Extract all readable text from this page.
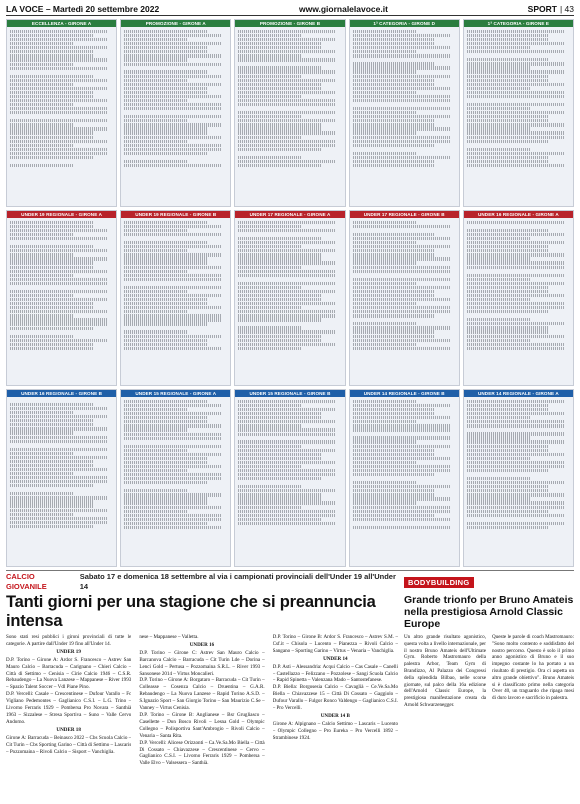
LA VOCE – Martedì 20 settembre 2022	www.giornalelavoce.it	SPORT | 43
ECCELLENZA - GIRONE A	PROMOZIONE - GIRONE A	PROMOZIONE - GIRONE B	1ª CATEGORIA - GIRONE D	1ª CATEGORIA - GIRONE E
UNDER 19 REGIONALE - GIRONE A	UNDER 19 REGIONALE - GIRONE B	UNDER 17 REGIONALE - GIRONE A	UNDER 17 REGIONALE - GIRONE B	UNDER 16 REGIONALE - GIRONE A
UNDER 16 REGIONALE - GIRONE B	UNDER 15 REGIONALE - GIRONE A	UNDER 15 REGIONALE - GIRONE B	UNDER 14 REGIONALE - GIRONE B	UNDER 14 REGIONALE - GIRONE A
CALCIO GIOVANILE
Sabato 17 e domenica 18 settembre al via i campionati provinciali dell'Under 19 all'Under 14
Tanti giorni per una stagione che si preannuncia intensa

Sono stati resi pubblici i gironi provinciali di tutte le categorie. A partire dall'Under 19 fino all'Under 14.

UNDER 19

D.P. Torino – Girone A: Ardor S. Francesco – Astrev San Mauro Calcio – Barracuda – Carignano – Chieri Calcio – Città di Settimo – Cenisia – Cirie Calcio 1946 – C.S.R. Rebaudengo – La Nuova Lanzese – Mappanese – River 1993 – Spazio Talent Soccer – Vdl Piane Pino.

D.P. Vercelli: Casale – Crescentinese – Dufour Varallo – Fc Vigliano Pedemontes – Gaglianico C.S.I. – L.G. Trino – Livorno Ferraris 1929 – Pombersa Pro Novara – Santhià 1963 – Sizzalese – Stresa Sportiva – Suno – Valle Cervo Andorno.

UNDER 18

Girone A: Barracuda – Beinasco 2022 – Cbs Scuola Calcio – Cit Turin – Cbs Sporting Garino – Città di Settimo – Lascaris – Pozzomaina – Rivoli Calcio – Sisport – Vanchiglia.

nese – Mappanese – Valletta.

UNDER 16

D.P. Torino – Girone C: Astrev San Mauro Calcio – Barcanova Calcio – Barracuda – Cit Turin Lde – Dorina – Lenci Gold – Pertusa – Pozzomaina S.R.L. – River 1993 – Sansonese 2014 – Virtus Moncalieri.

D.P. Torino – Girone A: Borgataro – Barracuda – Cit Turin – Colleasse – Cosenza Calcio – Druentina – G.A.R. Rebaudengo – La Nuova Lanzese – Rapid Torino A.S.D. – S.Ignazio Sport – San Giorgio Torino – San Maurizio C.Se – Vanney – Virtus Cenisia.

D.P. Torino – Girone B: Anglianese – Bsr Grugliasco – Casellette – Don Bosco Rivoli – Lesna Gold – Olympic Collegno – Polisportiva Sant'Ambrogio – Rivoli Calcio – Venaria – Santa Rita.

D.P. Vercelli: Alicese Orizzonti – Ca.Ve.Sa.Mo Biella – Città Di Cossato – Chiavazzese – Crescentinese – Cervo – Gaglianico C.S.I. – Livorno Ferraris 1929 – Pombersa – Valle Elvo – Valsessera – Santhià.

D.P. Torino – Girone B: Ardor S. Francesco – Astrev S.M. – Csf.it – Chisola – Lucento – Pianezza – Rivoli Calcio – Sangano – Sporting Garino – Virtus – Venaria – Vanchiglia.

UNDER 14

D.P. Asti – Alessandria: Acqui Calcio – Cas Casale – Canelli – Castellazzo – Felizzano – Pozzolese – Sangi Scuola Calcio – Rapid Spinetta – Valenzana Mado – Santostefanese.

D.P. Biella: Borgosesia Calcio – Cavaglià – Ce.Ve.Sa.Mo Biella – Chiavazzese 15 – Città Di Cossato – Gaggiolo – Dufour Varallo – Fulgor Ronco Valdengo – Gaglianico C.S.I. – Pro Vercelli.

UNDER 14 B

Girone A: Alpignano – Calcio Settimo – Lascaris – Lucento – Olympic Collegno – Pro Eureka – Pro Vercelli 1892 – Strambinese 1924.

BODYBUILDING
Grande trionfo per Bruno Amateis nella prestigiosa Arnold Classic Europe
Un altro grande risultato agonistico, questa volta a livello internazionale, per il nostro Bruno Amateis dell'Ultimate Gym. Roberto Mastromauro della palestra Arbor, Team Gym di Brandizzo, Al Palazzo dei Congressi della splendida Bilbao, nelle scorse giornate, sul palco della 16a edizione dell'Arnold Classic Europe, la prestigiosa manifestazione creata da Arnold Schwarzenegger.
Queste le parole di coach Mastromauro: "Sono molto contento e soddisfatto del nostro percorso. Questo è solo il primo anno agonistico di Bruno e il suo impegno costante lo ha portato a un risultato di prestigio. Ora ci aspetta un altro grande obiettivo". Bruno Amateis si è classificato primo nella categoria Over 40, un traguardo che ripaga mesi di duro lavoro e sacrificio in palestra.
